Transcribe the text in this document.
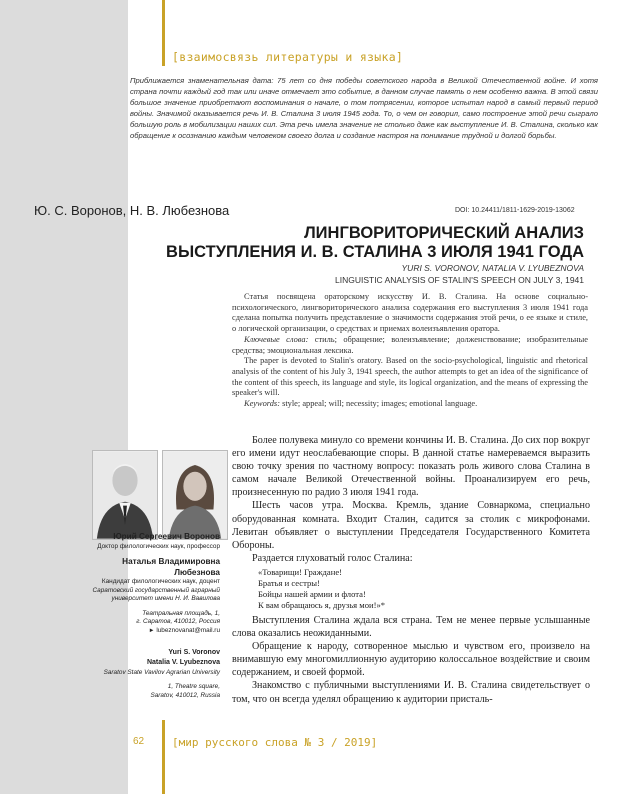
[взаимосвязь литературы и языка]
Приближается знаменательная дата: 75 лет со дня победы советского народа в Великой Отечественной войне. И хотя страна почти каждый год так или иначе отмечает это событие, в данном случае память о нем особенно важна. В этой связи большое значение приобретают воспоминания о начале, о том потрясении, которое испытал народ в самый первый период войны. Значимой оказывается речь И. В. Сталина 3 июля 1945 года. То, о чем он говорил, само построение этой речи сыграло большую роль в мобилизации наших сил. Эта речь имела значение не столько даже как выступление И. В. Сталина, сколько как обращение к осознанию каждым человеком своего долга и создание настроя на понимание трудной и долгой борьбы.
Ю. С. Воронов, Н. В. Любезнова	DOI: 10.24411/1811-1629-2019-13062
ЛИНГВОРИТОРИЧЕСКИЙ АНАЛИЗ
ВЫСТУПЛЕНИЯ И. В. СТАЛИНА 3 ИЮЛЯ 1941 ГОДА
YURI S. VORONOV, NATALIA V. LYUBEZNOVA
LINGUISTIC ANALYSIS OF STALIN'S SPEECH ON JULY 3, 1941

Статья посвящена ораторскому искусству И. В. Сталина. На основе социально-психологического, лингвориторического анализа содержания его выступления 3 июля 1941 года сделана попытка получить представление о значимости содержания этой речи, о ее языке и стиле, о логической организации, о средствах и приемах волеизъявления оратора.

Ключевые слова: стиль; обращение; волеизъявление; долженствование; изобразительные средства; эмоциональная лексика.

The paper is devoted to Stalin's oratory. Based on the socio-psychological, linguistic and rhetorical analysis of the content of his July 3, 1941 speech, the author attempts to get an idea of the significance of the content of this speech, its language and style, its logical organization, and the means of expressing the speaker's will.

Keywords: style; appeal; will; necessity; images; emotional language.

Юрий Сергеевич Воронов
Доктор филологических наук, профессор
Наталья Владимировна
Любезнова
Кандидат филологических наук, доцент
Саратовский государственный аграрный
университет имени Н. И. Вавилова
Театральная площадь, 1,
г. Саратов, 410012, Россия
► lubeznovanat@mail.ru
Yuri S. Voronov
Natalia V. Lyubeznova
Saratov State Vavilov Agrarian University
1, Theatre square,
Saratov, 410012, Russia

Более полувека минуло со времени кончины И. В. Сталина. До сих пор вокруг его имени идут неослабевающие споры. В данной статье намереваемся выразить свою точку зрения по частному вопросу: показать роль живого слова Сталина в самом начале Великой Отечественной войны. Проанализируем его речь, произнесенную по радио 3 июля 1941 года.

Шесть часов утра. Москва. Кремль, здание Совнаркома, специально оборудованная комната. Входит Сталин, садится за столик с микрофонами. Левитан объявляет о выступлении Председателя Государственного Комитета Обороны.

Раздается глуховатый голос Сталина:

«Товарищи! Граждане!
Братья и сестры!
Бойцы нашей армии и флота!
К вам обращаюсь я, друзья мои!»*

Выступления Сталина ждала вся страна. Тем не менее первые услышанные слова оказались неожиданными.

Обращение к народу, сотворенное мыслью и чувством его, произвело на внимавшую ему многомиллионную аудиторию колоссальное воздействие и своим содержанием, и своей формой.

Знакомство с публичными выступлениями И. В. Сталина свидетельствует о том, что он всегда уделял обращению к аудитории присталь-

62	[мир русского слова № 3 / 2019]
